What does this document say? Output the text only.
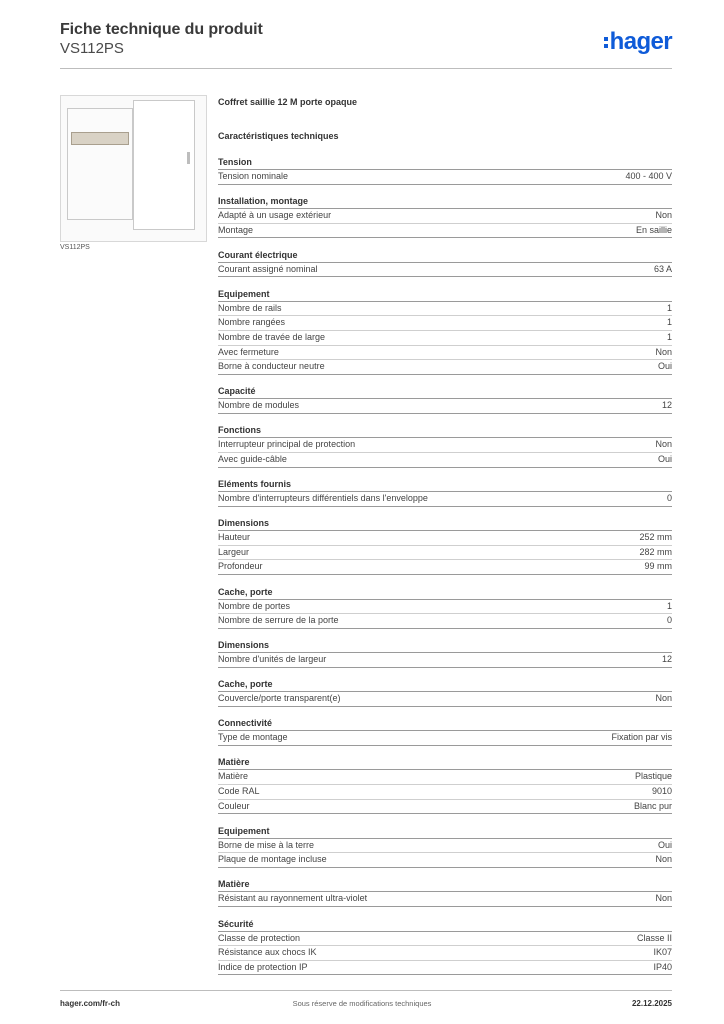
Fiche technique du produit
VS112PS	hager
VS112PS
Coffret saillie 12 M porte opaque
Caractéristiques techniques
Tension
Tension nominale	400 - 400 V
Installation, montage
Adapté à un usage extérieur	Non
Montage	En saillie
Courant électrique
Courant assigné nominal	63 A
Equipement
Nombre de rails	1
Nombre rangées	1
Nombre de travée de large	1
Avec fermeture	Non
Borne à conducteur neutre	Oui
Capacité
Nombre de modules	12
Fonctions
Interrupteur principal de protection	Non
Avec guide-câble	Oui
Eléments fournis
Nombre d'interrupteurs différentiels dans l'enveloppe	0
Dimensions
Hauteur	252 mm
Largeur	282 mm
Profondeur	99 mm
Cache, porte
Nombre de portes	1
Nombre de serrure de la porte	0
Dimensions
Nombre d'unités de largeur	12
Cache, porte
Couvercle/porte transparent(e)	Non
Connectivité
Type de montage	Fixation par vis
Matière
Matière	Plastique
Code RAL	9010
Couleur	Blanc pur
Equipement
Borne de mise à la terre	Oui
Plaque de montage incluse	Non
Matière
Résistant au rayonnement ultra-violet	Non
Sécurité
Classe de protection	Classe II
Résistance aux chocs IK	IK07
Indice de protection IP	IP40
hager.com/fr-ch	Sous réserve de modifications techniques	22.12.2025
